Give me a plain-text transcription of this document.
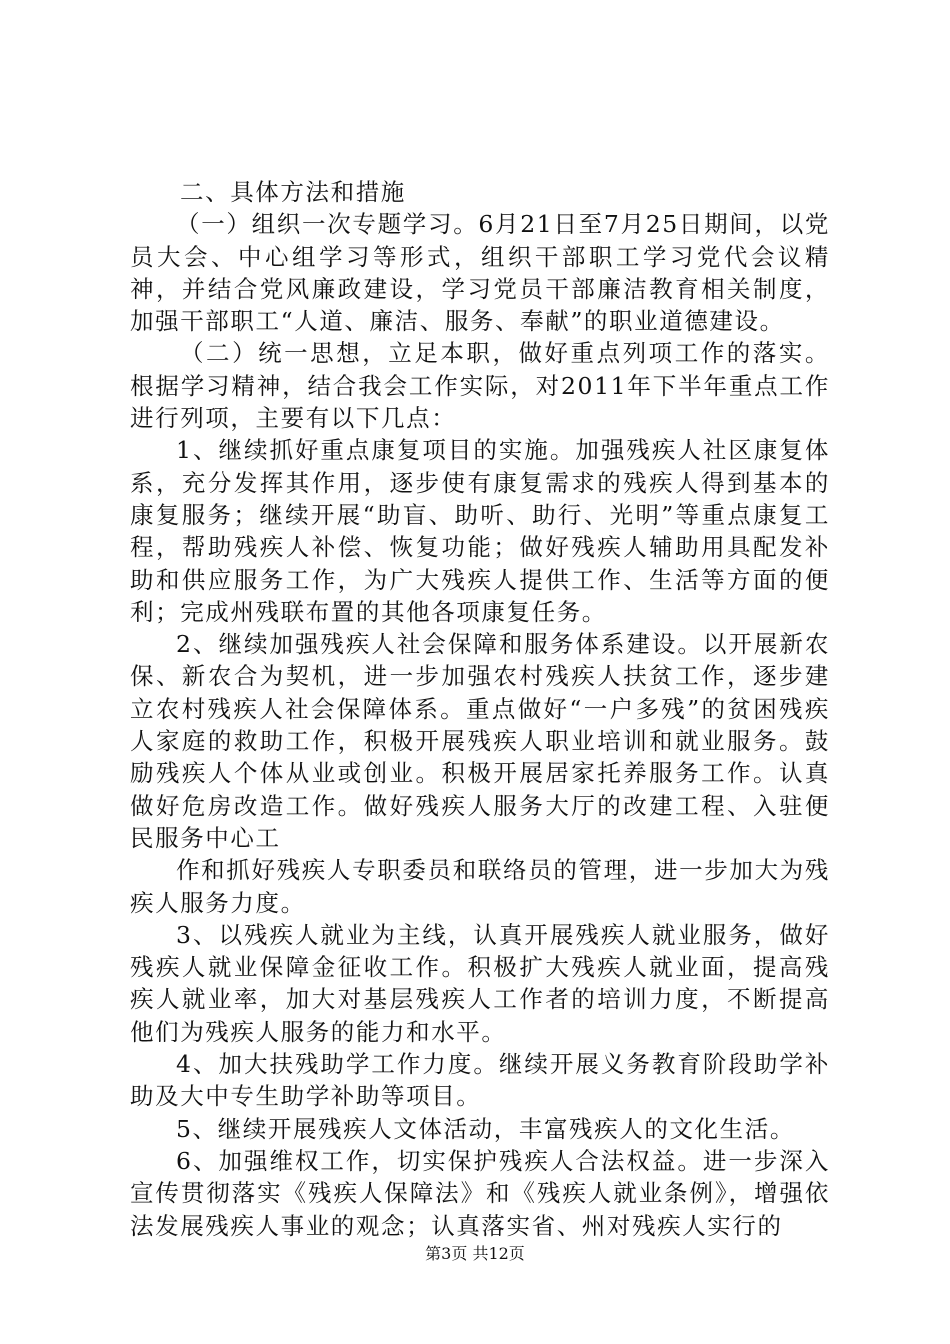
二、具体方法和措施

（一）组织一次专题学习。6月21日至7月25日期间，以党员大会、中心组学习等形式，组织干部职工学习党代会议精神，并结合党风廉政建设，学习党员干部廉洁教育相关制度，加强干部职工“人道、廉洁、服务、奉献”的职业道德建设。

（二）统一思想，立足本职，做好重点列项工作的落实。根据学习精神，结合我会工作实际，对2011年下半年重点工作进行列项，主要有以下几点：

1、继续抓好重点康复项目的实施。加强残疾人社区康复体系，充分发挥其作用，逐步使有康复需求的残疾人得到基本的康复服务；继续开展“助盲、助听、助行、光明”等重点康复工程，帮助残疾人补偿、恢复功能；做好残疾人辅助用具配发补助和供应服务工作，为广大残疾人提供工作、生活等方面的便利；完成州残联布置的其他各项康复任务。

2、继续加强残疾人社会保障和服务体系建设。以开展新农保、新农合为契机，进一步加强农村残疾人扶贫工作，逐步建立农村残疾人社会保障体系。重点做好“一户多残”的贫困残疾人家庭的救助工作，积极开展残疾人职业培训和就业服务。鼓励残疾人个体从业或创业。积极开展居家托养服务工作。认真做好危房改造工作。做好残疾人服务大厅的改建工程、入驻便民服务中心工

作和抓好残疾人专职委员和联络员的管理，进一步加大为残疾人服务力度。

3、以残疾人就业为主线，认真开展残疾人就业服务，做好残疾人就业保障金征收工作。积极扩大残疾人就业面，提高残疾人就业率，加大对基层残疾人工作者的培训力度，不断提高他们为残疾人服务的能力和水平。

4、加大扶残助学工作力度。继续开展义务教育阶段助学补助及大中专生助学补助等项目。

5、继续开展残疾人文体活动，丰富残疾人的文化生活。

6、加强维权工作，切实保护残疾人合法权益。进一步深入宣传贯彻落实《残疾人保障法》和《残疾人就业条例》，增强依法发展残疾人事业的观念；认真落实省、州对残疾人实行的

第3页 共12页
